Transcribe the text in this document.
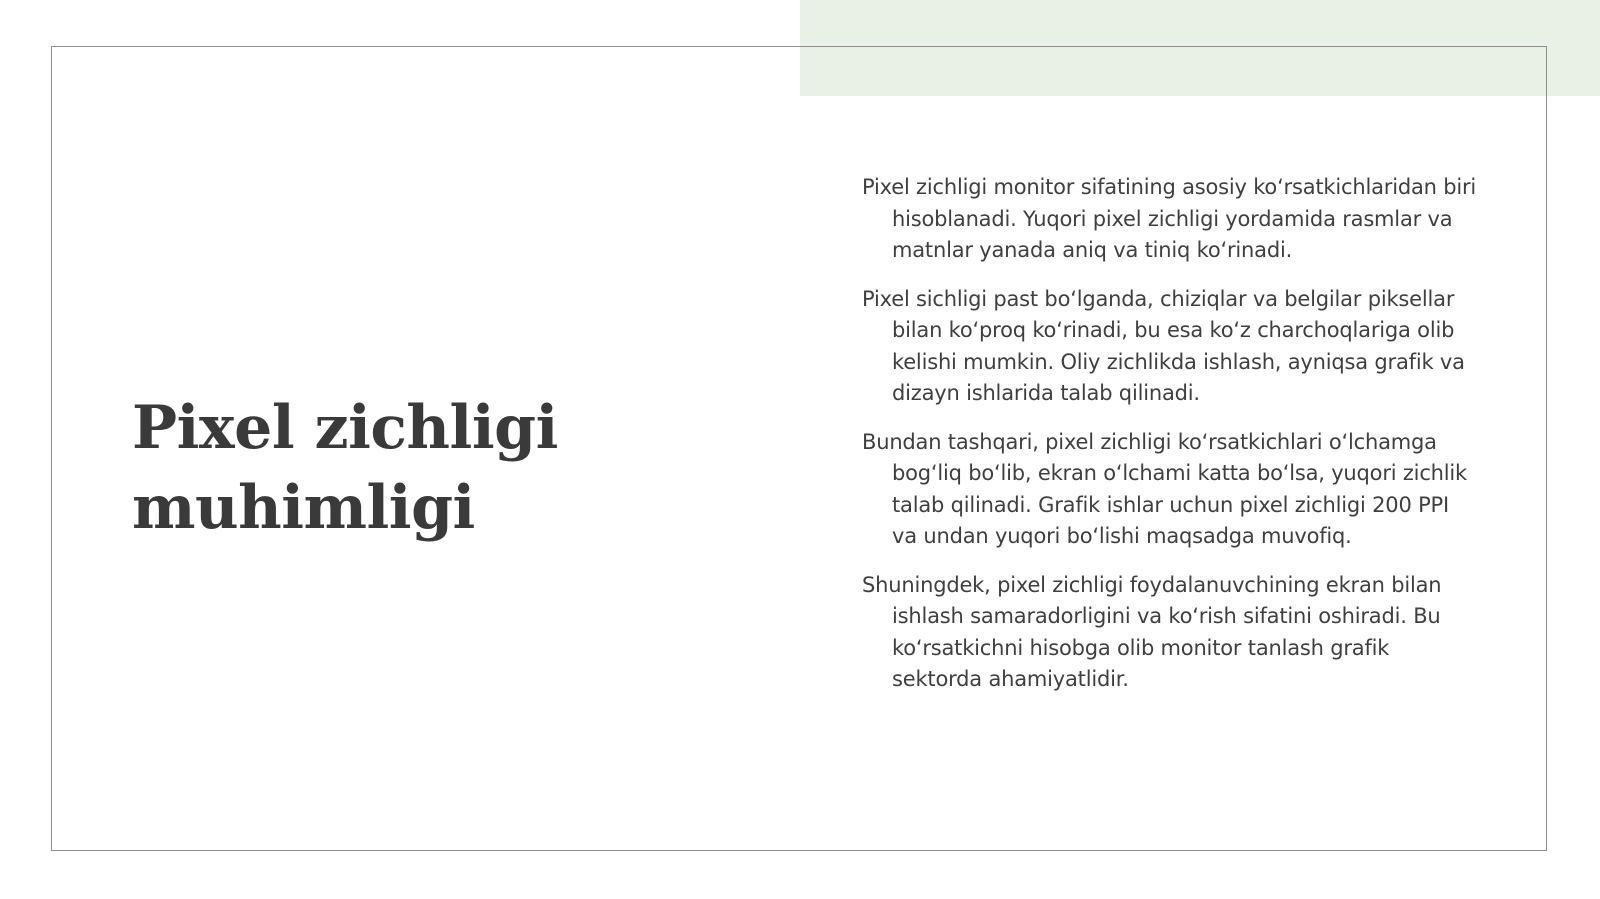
Pixel zichligi muhimligi

Pixel zichligi monitor sifatining asosiy ko‘rsatkichlaridan biri hisoblanadi. Yuqori pixel zichligi yordamida rasmlar va matnlar yanada aniq va tiniq ko‘rinadi.

Pixel sichligi past bo‘lganda, chiziqlar va belgilar piksellar bilan ko‘proq ko‘rinadi, bu esa ko‘z charchoqlariga olib kelishi mumkin. Oliy zichlikda ishlash, ayniqsa grafik va dizayn ishlarida talab qilinadi.

Bundan tashqari, pixel zichligi ko‘rsatkichlari o‘lchamga bog‘liq bo‘lib, ekran o‘lchami katta bo‘lsa, yuqori zichlik talab qilinadi. Grafik ishlar uchun pixel zichligi 200 PPI va undan yuqori bo‘lishi maqsadga muvofiq.

Shuningdek, pixel zichligi foydalanuvchining ekran bilan ishlash samaradorligini va ko‘rish sifatini oshiradi. Bu ko‘rsatkichni hisobga olib monitor tanlash grafik sektorda ahamiyatlidir.
